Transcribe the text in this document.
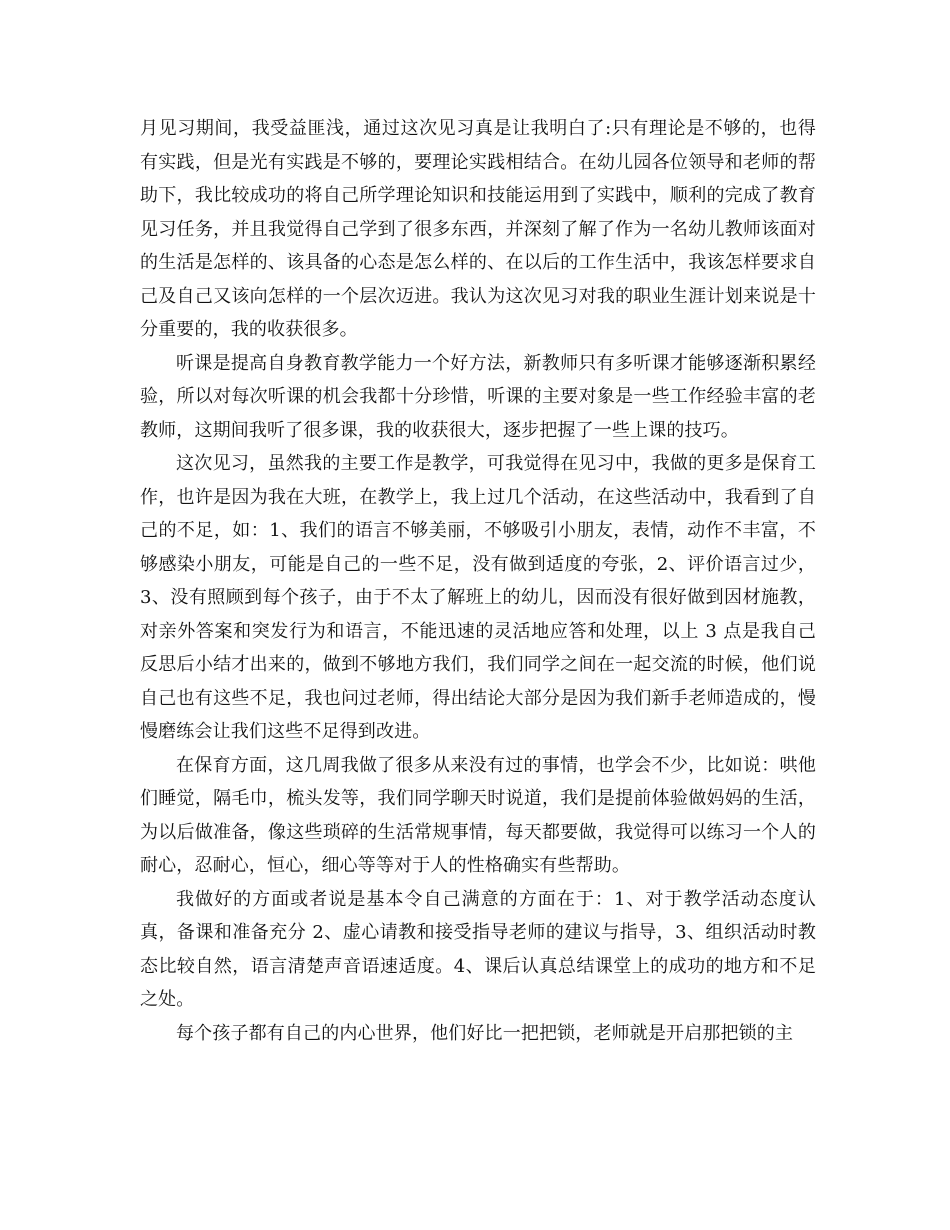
月见习期间，我受益匪浅，通过这次见习真是让我明白了:只有理论是不够的，也得有实践，但是光有实践是不够的，要理论实践相结合。在幼儿园各位领导和老师的帮助下，我比较成功的将自己所学理论知识和技能运用到了实践中，顺利的完成了教育见习任务，并且我觉得自己学到了很多东西，并深刻了解了作为一名幼儿教师该面对的生活是怎样的、该具备的心态是怎么样的、在以后的工作生活中，我该怎样要求自己及自己又该向怎样的一个层次迈进。我认为这次见习对我的职业生涯计划来说是十分重要的，我的收获很多。

听课是提高自身教育教学能力一个好方法，新教师只有多听课才能够逐渐积累经验，所以对每次听课的机会我都十分珍惜，听课的主要对象是一些工作经验丰富的老教师，这期间我听了很多课，我的收获很大，逐步把握了一些上课的技巧。

这次见习，虽然我的主要工作是教学，可我觉得在见习中，我做的更多是保育工作，也许是因为我在大班，在教学上，我上过几个活动，在这些活动中，我看到了自己的不足，如：1、我们的语言不够美丽，不够吸引小朋友，表情，动作不丰富，不够感染小朋友，可能是自己的一些不足，没有做到适度的夸张，2、评价语言过少，3、没有照顾到每个孩子，由于不太了解班上的幼儿，因而没有很好做到因材施教，对亲外答案和突发行为和语言，不能迅速的灵活地应答和处理，以上 3 点是我自己反思后小结才出来的，做到不够地方我们，我们同学之间在一起交流的时候，他们说自己也有这些不足，我也问过老师，得出结论大部分是因为我们新手老师造成的，慢慢磨练会让我们这些不足得到改进。

在保育方面，这几周我做了很多从来没有过的事情，也学会不少，比如说：哄他们睡觉，隔毛巾，梳头发等，我们同学聊天时说道，我们是提前体验做妈妈的生活，为以后做准备，像这些琐碎的生活常规事情，每天都要做，我觉得可以练习一个人的耐心，忍耐心，恒心，细心等等对于人的性格确实有些帮助。

我做好的方面或者说是基本令自己满意的方面在于：1、对于教学活动态度认真，备课和准备充分 2、虚心请教和接受指导老师的建议与指导，3、组织活动时教态比较自然，语言清楚声音语速适度。4、课后认真总结课堂上的成功的地方和不足之处。

每个孩子都有自己的内心世界，他们好比一把把锁，老师就是开启那把锁的主
